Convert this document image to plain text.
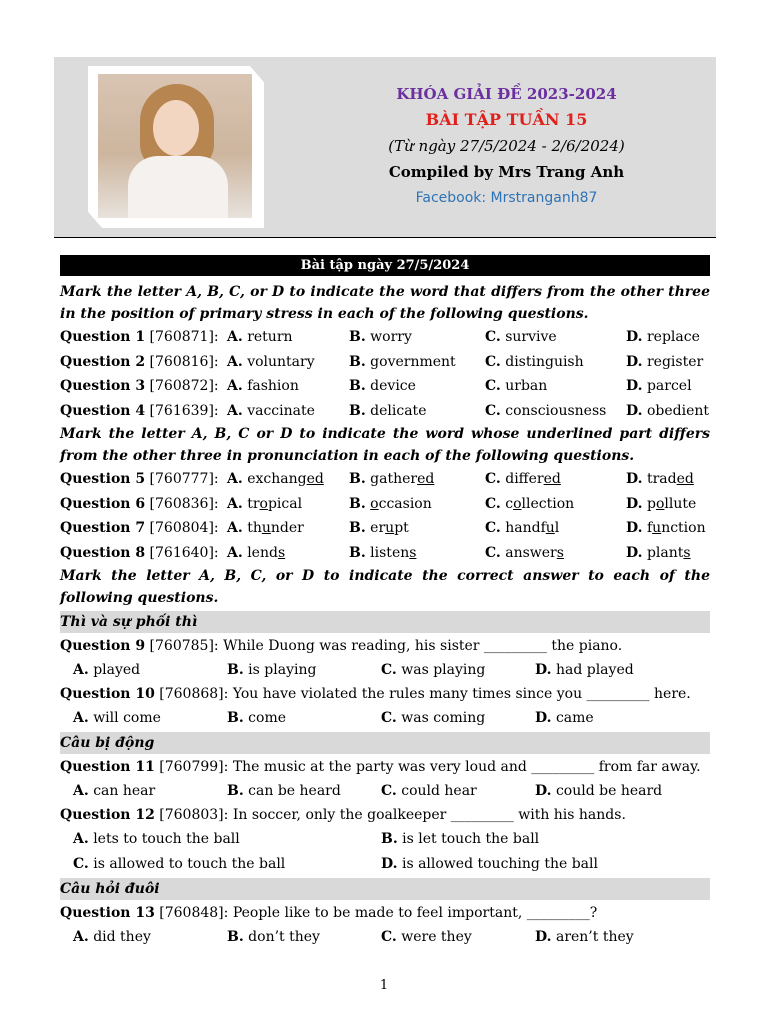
KHÓA GIẢI ĐỀ 2023-2024
BÀI TẬP TUẦN 15
(Từ ngày 27/5/2024 - 2/6/2024)
Compiled by Mrs Trang Anh
Facebook: Mrstranganh87
Bài tập ngày 27/5/2024
Mark the letter A, B, C, or D to indicate the word that differs from the other three in the position of primary stress in each of the following questions.
Question 1 [760871]: A. return	B. worry	C. survive	D. replace
Question 2 [760816]: A. voluntary	B. government	C. distinguish	D. register
Question 3 [760872]: A. fashion	B. device	C. urban	D. parcel
Question 4 [761639]: A. vaccinate	B. delicate	C. consciousness	D. obedient
Mark the letter A, B, C or D to indicate the word whose underlined part differs from the other three in pronunciation in each of the following questions.
Question 5 [760777]: A. exchanged	B. gathered	C. differed	D. traded
Question 6 [760836]: A. tropical	B. occasion	C. collection	D. pollute
Question 7 [760804]: A. thunder	B. erupt	C. handful	D. function
Question 8 [761640]: A. lends	B. listens	C. answers	D. plants
Mark the letter A, B, C, or D to indicate the correct answer to each of the following questions.
Thì và sự phối thì
Question 9 [760785]: While Duong was reading, his sister _________ the piano.
A. played	B. is playing	C. was playing	D. had played
Question 10 [760868]: You have violated the rules many times since you _________ here.
A. will come	B. come	C. was coming	D. came
Câu bị động
Question 11 [760799]: The music at the party was very loud and _________ from far away.
A. can hear	B. can be heard	C. could hear	D. could be heard
Question 12 [760803]: In soccer, only the goalkeeper _________ with his hands.
A. lets to touch the ball	B. is let touch the ball
C. is allowed to touch the ball	D. is allowed touching the ball
Câu hỏi đuôi
Question 13 [760848]: People like to be made to feel important, _________?
A. did they	B. don’t they	C. were they	D. aren’t they
1
